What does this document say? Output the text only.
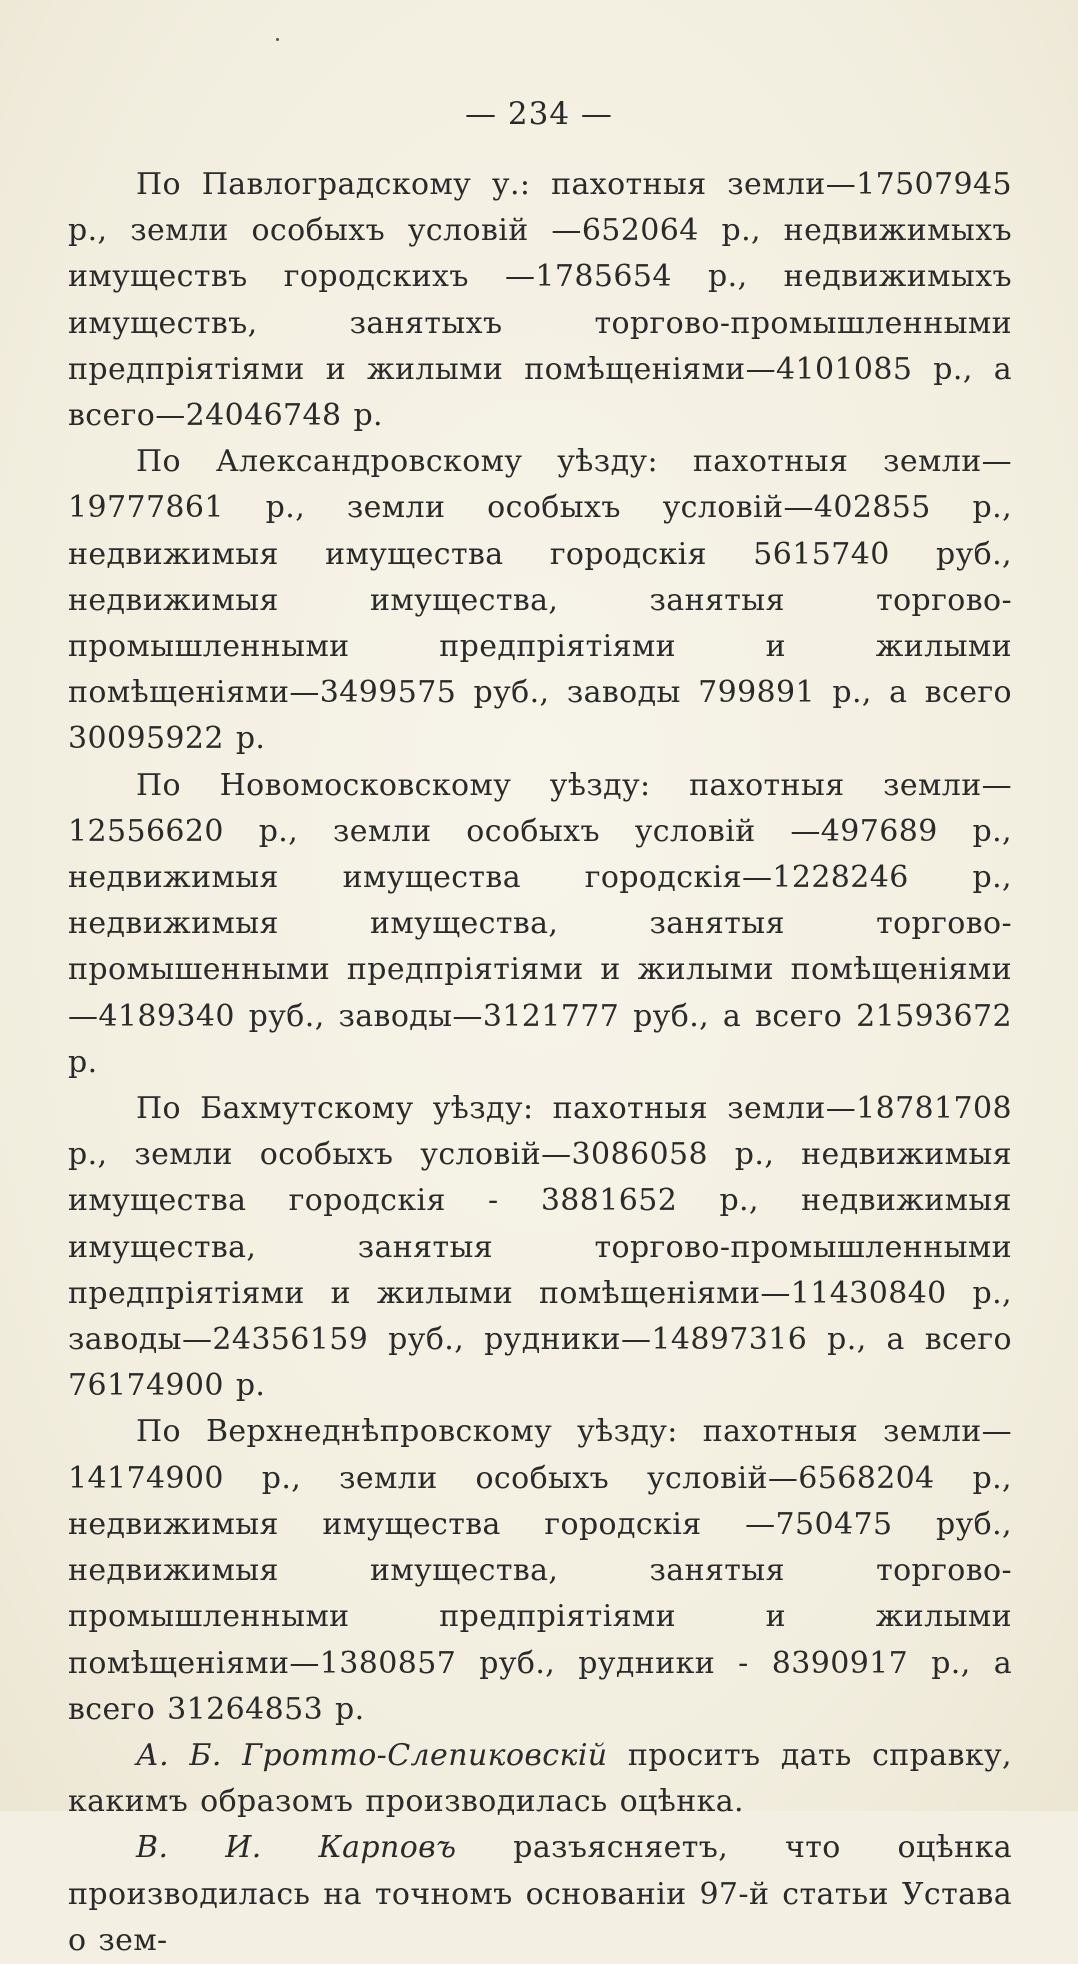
— 234 —

По Павлоградскому у.: пахотныя земли—17507945 р., земли особыхъ условій —652064 р., недвижимыхъ имуществъ городскихъ —1785654 р., недвижимыхъ имуществъ, занятыхъ торгово-промышленными предпріятіями и жилыми помѣщеніями—4101085 р., а всего—24046748 р.

По Александровскому уѣзду: пахотныя земли—19777861 р., земли особыхъ условій—402855 р., недвижимыя имущества городскія 5615740 руб., недвижимыя имущества, занятыя торгово-промышленными предпріятіями и жилыми помѣщеніями—3499575 руб., заводы 799891 р., а всего 30095922 р.

По Новомосковскому уѣзду: пахотныя земли—12556620 р., земли особыхъ условій —497689 р., недвижимыя имущества городскія—1228246 р., недвижимыя имущества, занятыя торгово-промышенными предпріятіями и жилыми помѣщеніями—4189340 руб., заводы—3121777 руб., а всего 21593672 р.

По Бахмутскому уѣзду: пахотныя земли—18781708 р., земли особыхъ условій—3086058 р., недвижимыя имущества городскія - 3881652 р., недвижимыя имущества, занятыя торгово-промышленными предпріятіями и жилыми помѣщеніями—11430840 р., заводы—24356159 руб., рудники—14897316 р., а всего 76174900 р.

По Верхнеднѣпровскому уѣзду: пахотныя земли—14174900 р., земли особыхъ условій—6568204 р., недвижимыя имущества городскія —750475 руб., недвижимыя имущества, занятыя торгово-промышленными предпріятіями и жилыми помѣщеніями—1380857 руб., рудники - 8390917 р., а всего 31264853 р.

А. Б. Гротто-Слепиковскій проситъ дать справку, какимъ образомъ производилась оцѣнка.

В. И. Карповъ разъясняетъ, что оцѣнка производилась на точномъ основаніи 97-й статьи Устава о зем-
